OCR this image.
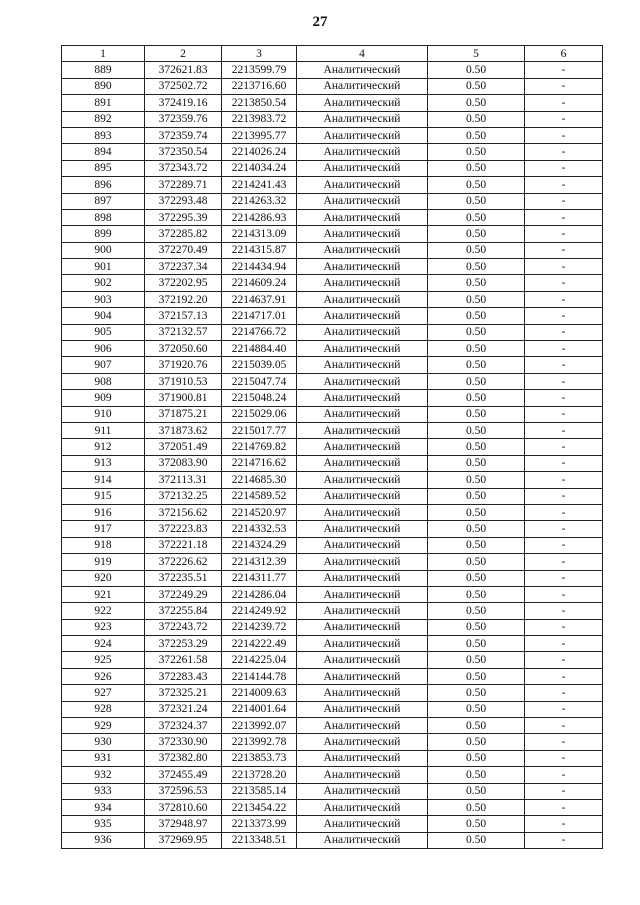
27
1	2	3	4	5	6
889	372621.83	2213599.79	Аналитический	0.50	-
890	372502.72	2213716.60	Аналитический	0.50	-
891	372419.16	2213850.54	Аналитический	0.50	-
892	372359.76	2213983.72	Аналитический	0.50	-
893	372359.74	2213995.77	Аналитический	0.50	-
894	372350.54	2214026.24	Аналитический	0.50	-
895	372343.72	2214034.24	Аналитический	0.50	-
896	372289.71	2214241.43	Аналитический	0.50	-
897	372293.48	2214263.32	Аналитический	0.50	-
898	372295.39	2214286.93	Аналитический	0.50	-
899	372285.82	2214313.09	Аналитический	0.50	-
900	372270.49	2214315.87	Аналитический	0.50	-
901	372237.34	2214434.94	Аналитический	0.50	-
902	372202.95	2214609.24	Аналитический	0.50	-
903	372192.20	2214637.91	Аналитический	0.50	-
904	372157.13	2214717.01	Аналитический	0.50	-
905	372132.57	2214766.72	Аналитический	0.50	-
906	372050.60	2214884.40	Аналитический	0.50	-
907	371920.76	2215039.05	Аналитический	0.50	-
908	371910.53	2215047.74	Аналитический	0.50	-
909	371900.81	2215048.24	Аналитический	0.50	-
910	371875.21	2215029.06	Аналитический	0.50	-
911	371873.62	2215017.77	Аналитический	0.50	-
912	372051.49	2214769.82	Аналитический	0.50	-
913	372083.90	2214716.62	Аналитический	0.50	-
914	372113.31	2214685.30	Аналитический	0.50	-
915	372132.25	2214589.52	Аналитический	0.50	-
916	372156.62	2214520.97	Аналитический	0.50	-
917	372223.83	2214332.53	Аналитический	0.50	-
918	372221.18	2214324.29	Аналитический	0.50	-
919	372226.62	2214312.39	Аналитический	0.50	-
920	372235.51	2214311.77	Аналитический	0.50	-
921	372249.29	2214286.04	Аналитический	0.50	-
922	372255.84	2214249.92	Аналитический	0.50	-
923	372243.72	2214239.72	Аналитический	0.50	-
924	372253.29	2214222.49	Аналитический	0.50	-
925	372261.58	2214225.04	Аналитический	0.50	-
926	372283.43	2214144.78	Аналитический	0.50	-
927	372325.21	2214009.63	Аналитический	0.50	-
928	372321.24	2214001.64	Аналитический	0.50	-
929	372324.37	2213992.07	Аналитический	0.50	-
930	372330.90	2213992.78	Аналитический	0.50	-
931	372382.80	2213853.73	Аналитический	0.50	-
932	372455.49	2213728.20	Аналитический	0.50	-
933	372596.53	2213585.14	Аналитический	0.50	-
934	372810.60	2213454.22	Аналитический	0.50	-
935	372948.97	2213373.99	Аналитический	0.50	-
936	372969.95	2213348.51	Аналитический	0.50	-
